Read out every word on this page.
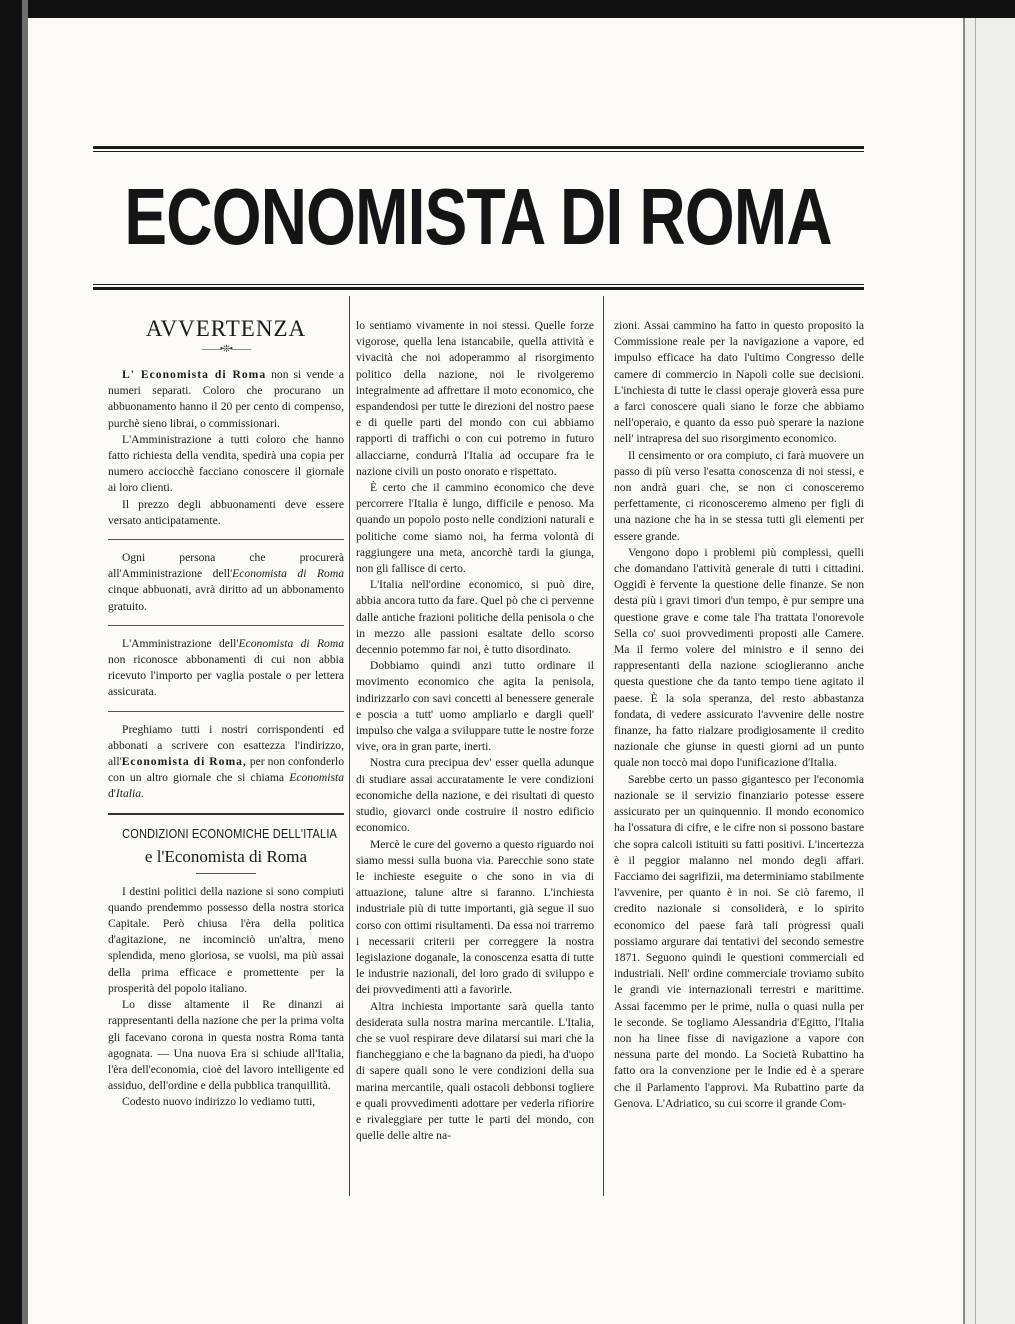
ECONOMISTA DI ROMA
AVVERTENZA
——•❊•——

L' Economista di Roma non si vende a numeri separati. Coloro che procurano un abbuonamento hanno il 20 per cento di compenso, purchè sieno librai, o commissionari.

L'Amministrazione a tutti coloro che hanno fatto richiesta della vendita, spedirà una copia per numero acciocchè facciano conoscere il giornale ai loro clienti.

Il prezzo degli abbuonamenti deve essere versato anticipatamente.

Ogni persona che procurerà all'Amministrazione dell'Economista di Roma cinque abbuonati, avrà diritto ad un abbonamento gratuito.

L'Amministrazione dell'Economista di Roma non riconosce abbonamenti di cui non abbia ricevuto l'importo per vaglia postale o per lettera assicurata.

Preghiamo tutti i nostri corrispondenti ed abbonati a scrivere con esattezza l'indirizzo, all'Economista di Roma, per non confonderlo con un altro giornale che si chiama Economista d'Italia.

CONDIZIONI ECONOMICHE DELL'ITALIA
e l'Economista di Roma

I destini politici della nazione si sono compiuti quando prendemmo possesso della nostra storica Capitale. Però chiusa l'èra della politica d'agitazione, ne incominciò un'altra, meno splendida, meno gloriosa, se vuolsi, ma più assai della prima efficace e promettente per la prosperità del popolo italiano.

Lo disse altamente il Re dinanzi ai rappresentanti della nazione che per la prima volta gli facevano corona in questa nostra Roma tanta agognata. — Una nuova Era si schiude all'Italia, l'èra dell'economia, cioè del lavoro intelligente ed assiduo, dell'ordine e della pubblica tranquillità.

Codesto nuovo indirizzo lo vediamo tutti,

lo sentiamo vivamente in noi stessi. Quelle forze vigorose, quella lena istancabile, quella attività e vivacità che noi adoperammo al risorgimento politico della nazione, noi le rivolgeremo integralmente ad affrettare il moto economico, che espandendosi per tutte le direzioni del nostro paese e di quelle parti del mondo con cui abbiamo rapporti di traffichi o con cui potremo in futuro allacciarne, condurrà l'Italia ad occupare fra le nazione civili un posto onorato e rispettato.

È certo che il cammino economico che deve percorrere l'Italia è lungo, difficile e penoso. Ma quando un popolo posto nelle condizioni naturali e politiche come siamo noi, ha ferma volontà di raggiungere una meta, ancorchè tardi la giunga, non gli fallisce di certo.

L'Italia nell'ordine economico, si può dire, abbia ancora tutto da fare. Quel pò che ci pervenne dalle antiche frazioni politiche della penisola o che in mezzo alle passioni esaltate dello scorso decennio potemmo far noi, è tutto disordinato.

Dobbiamo quindi anzi tutto ordinare il movimento economico che agita la penisola, indirizzarlo con savi concetti al benessere generale e poscia a tutt' uomo ampliarlo e dargli quell' impulso che valga a sviluppare tutte le nostre forze vive, ora in gran parte, inerti.

Nostra cura precipua dev' esser quella adunque di studiare assai accuratamente le vere condizioni economiche della nazione, e dei risultati di questo studio, giovarci onde costruire il nostro edificio economico.

Mercè le cure del governo a questo riguardo noi siamo messi sulla buona via. Parecchie sono state le inchieste eseguite o che sono in via di attuazione, talune altre si faranno. L'inchiesta industriale più di tutte importanti, già segue il suo corso con ottimi risultamenti. Da essa noi trarremo i necessarii criterii per correggere la nostra legislazione doganale, la conoscenza esatta di tutte le industrie nazionali, del loro grado di sviluppo e dei provvedimenti atti a favorirle.

Altra inchiesta importante sarà quella tanto desiderata sulla nostra marina mercantile. L'Italia, che se vuol respirare deve dilatarsi sui mari che la fiancheggiano e che la bagnano da piedi, ha d'uopo di sapere quali sono le vere condizioni della sua marina mercantile, quali ostacoli debbonsi togliere e quali provvedimenti adottare per vederla rifiorire e rivaleggiare per tutte le parti del mondo, con quelle delle altre na-

zioni. Assai cammino ha fatto in questo proposito la Commissione reale per la navigazione a vapore, ed impulso efficace ha dato l'ultimo Congresso delle camere di commercio in Napoli colle sue decisioni. L'inchiesta di tutte le classi operaje gioverà essa pure a farci conoscere quali siano le forze che abbiamo nell'operaio, e quanto da esso può sperare la nazione nell' intrapresa del suo risorgimento economico.

Il censimento or ora compiuto, ci farà muovere un passo di più verso l'esatta conoscenza di noi stessi, e non andrà guari che, se non ci conosceremo perfettamente, ci riconosceremo almeno per figli di una nazione che ha in se stessa tutti gli elementi per essere grande.

Vengono dopo i problemi più complessi, quelli che domandano l'attività generale di tutti i cittadini. Oggidì è fervente la questione delle finanze. Se non desta più i gravi timori d'un tempo, è pur sempre una questione grave e come tale l'ha trattata l'onorevole Sella co' suoi provvedimenti proposti alle Camere. Ma il fermo volere del ministro e il senno dei rappresentanti della nazione scioglieranno anche questa questione che da tanto tempo tiene agitato il paese. È la sola speranza, del resto abbastanza fondata, di vedere assicurato l'avvenire delle nostre finanze, ha fatto rialzare prodigiosamente il credito nazionale che giunse in questi giorni ad un punto quale non toccò mai dopo l'unificazione d'Italia.

Sarebbe certo un passo gigantesco per l'economia nazionale se il servizio finanziario potesse essere assicurato per un quinquennio. Il mondo economico ha l'ossatura di cifre, e le cifre non si possono bastare che sopra calcoli istituiti su fatti positivi. L'incertezza è il peggior malanno nel mondo degli affari. Facciamo dei sagrifizii, ma determiniamo stabilmente l'avvenire, per quanto è in noi. Se ciò faremo, il credito nazionale si consoliderà, e lo spirito economico del paese farà tali progressi quali possiamo argurare dai tentativi del secondo semestre 1871. Seguono quindi le questioni commerciali ed industriali. Nell' ordine commerciale troviamo subito le grandi vie internazionali terrestri e marittime. Assai facemmo per le prime, nulla o quasi nulla per le seconde. Se togliamo Alessandria d'Egitto, l'Italia non ha linee fisse di navigazione a vapore con nessuna parte del mondo. La Società Rubattino ha fatto ora la convenzione per le Indie ed è a sperare che il Parlamento l'approvi. Ma Rubattino parte da Genova. L'Adriatico, su cui scorre il grande Com-
